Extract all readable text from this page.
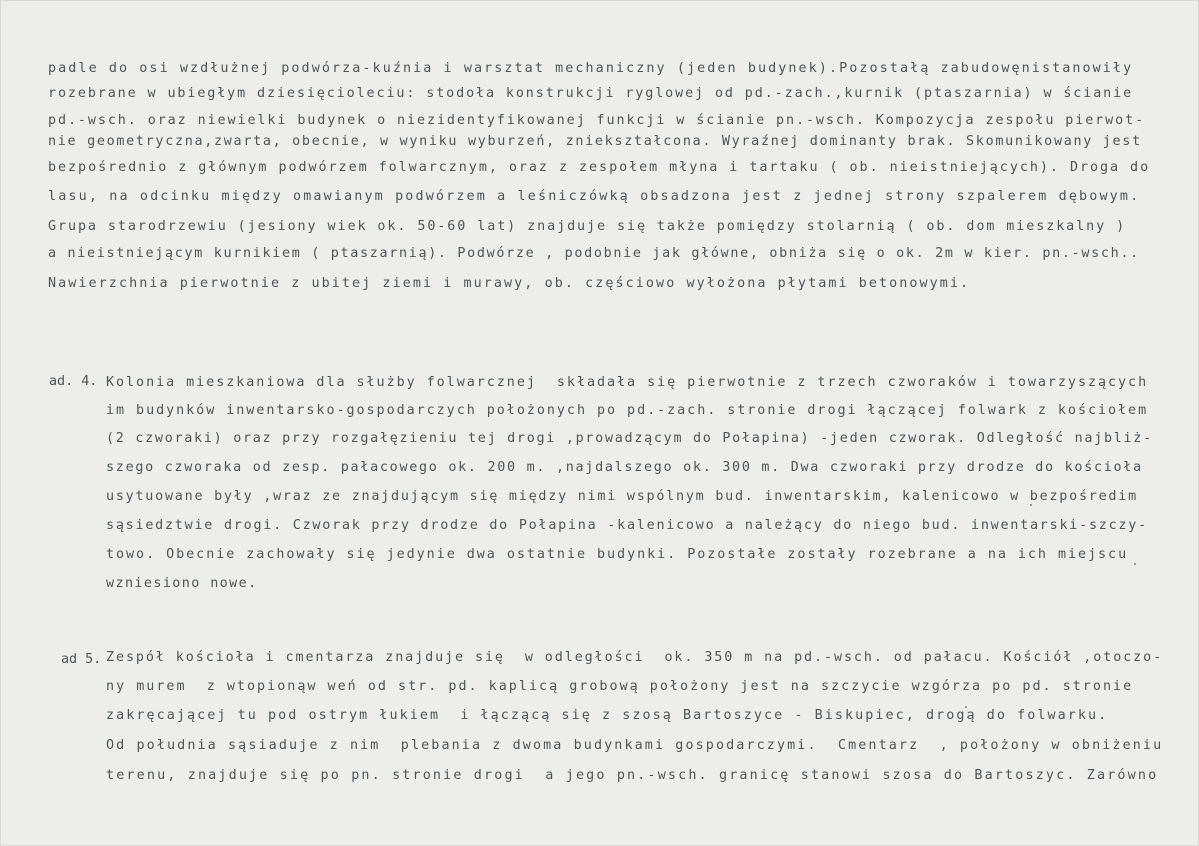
padle do osi wzdłużnej podwórza-kuźnia i warsztat mechaniczny (jeden budynek).Pozostałą zabudowęnistanowiły
rozebrane w ubiegłym dziesięcioleciu: stodoła konstrukcji ryglowej od pd.-zach.,kurnik (ptaszarnia) w ścianie
pd.-wsch. oraz niewielki budynek o niezidentyfikowanej funkcji w ścianie pn.-wsch. Kompozycja zespołu pierwot-
nie geometryczna,zwarta, obecnie, w wyniku wyburzeń, zniekształcona. Wyraźnej dominanty brak. Skomunikowany jest
bezpośrednio z głównym podwórzem folwarcznym, oraz z zespołem młyna i tartaku ( ob. nieistniejących). Droga do
lasu, na odcinku między omawianym podwórzem a leśniczówką obsadzona jest z jednej strony szpalerem dębowym.
Grupa starodrzewiu (jesiony wiek ok. 50-60 lat) znajduje się także pomiędzy stolarnią ( ob. dom mieszkalny )
a nieistniejącym kurnikiem ( ptaszarnią). Podwórze , podobnie jak główne, obniża się o ok. 2m w kier. pn.-wsch..
Nawierzchnia pierwotnie z ubitej ziemi i murawy, ob. częściowo wyłożona płytami betonowymi.
ad. 4. Kolonia mieszkaniowa dla służby folwarcznej  składała się pierwotnie z trzech czworaków i towarzyszących
im budynków inwentarsko-gospodarczych położonych po pd.-zach. stronie drogi łączącej folwark z kościołem
(2 czworaki) oraz przy rozgałęzieniu tej drogi ,prowadzącym do Połapina) -jeden czworak. Odległość najbliż-
szego czworaka od zesp. pałacowego ok. 200 m. ,najdalszego ok. 300 m. Dwa czworaki przy drodze do kościoła
usytuowane były ,wraz ze znajdującym się między nimi wspólnym bud. inwentarskim, kalenicowo w bezpośredim
sąsiedztwie drogi. Czworak przy drodze do Połapina -kalenicowo a należący do niego bud. inwentarski-szczy-
towo. Obecnie zachowały się jedynie dwa ostatnie budynki. Pozostałe zostały rozebrane a na ich miejscu
wzniesiono nowe.
ad 5. Zespół kościoła i cmentarza znajduje się  w odległości  ok. 350 m na pd.-wsch. od pałacu. Kościół ,otoczo-
ny murem  z wtopionąw weń od str. pd. kaplicą grobową położony jest na szczycie wzgórza po pd. stronie
zakręcającej tu pod ostrym łukiem  i łączącą się z szosą Bartoszyce - Biskupiec, drogą do folwarku.
Od południa sąsiaduje z nim  plebania z dwoma budynkami gospodarczymi.  Cmentarz  , położony w obniżeniu
terenu, znajduje się po pn. stronie drogi  a jego pn.-wsch. granicę stanowi szosa do Bartoszyc. Zarówno
